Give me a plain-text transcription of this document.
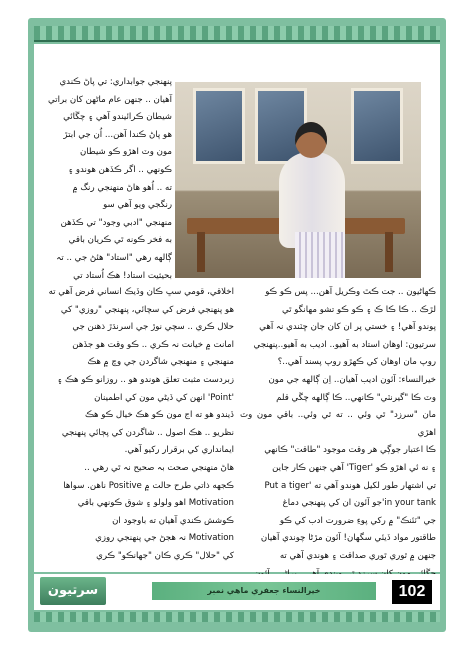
پنهنجي جوابداري: تي پاڻ ڪندي

آهيان .. جنهن عام ماڻهن کان براتي

شيطان ڪرائيندو آهي ۽ چڱائي

هو پاڻ ڪندا آهن... اُن جي ابتڙ

مون وٽ اهڙو ڪو شيطان

ڪونهي .. اگر ڪڏهن هوندو ۽

ته .. اُهو هاڻ منهنجي رنگ ۾

رنگجي ويو آهي سو

منهنجي "ادبي وجود" تي ڪڏهن

به فخر ڪونه ٿي ڪريان باقي

ڳالهه رهي "استاد" هئڻ جي .. تہ

بحيثيت استاد! هڪ اُستاد تي

ڪهاڻيون .. جت ڪٿ وڪريل آهن... پس ڪو ڪو

لڙڪ .. ڪا ڪا ڪ ۽ ڪو ڪو تشو مهانگو ٿي

پوندو آهي! ۽ خستي پر ان کان جان ڇٽندي نہ آهي

سرتيون: اوهان استاد به آهيو.. اديب به آهيو..پنهنجي

روپ مان اوهان کي ڪهڙو روپ پسند آهي..؟

خيرالنساء: آئون اديب آهيان.. اِن ڳالهه جي مون

وٽ ڪا "گيرنٽي" ڪانهي.. ڪا ڳالهه چڱي قلم

مان "سرزد" ٿي وئي .. ته ٿي وئي.. باقي مون وٽ اهڙي

ڪا اعتبار جوڳي هر وقت موجود "طاقت" ڪانهي

۽ نه ئي اهڙو ڪو 'Tiger' آهي جنهن ڪار جاين

تي اشتهار طور لکيل هوندو آهي ته 'Put a tiger

in your tank'جو آئون ان کي پنهنجي دماغ

جي "ٽئنڪ" ۾ رکي پوءِ ضرورت ادب کي ڪو

طاقتور مواد ڏيئي سگهان! آئون مڙڻا چوندي آهيان

جنهن ۾ ٿوري ٿوري صداقت ۽ هوندي آهي ته

اخلاقي، قومي سڀ ڪان وڏيڪ انساني فرض آهي ته

هو پنهنجي فرض کي سچائي، پنهنجي "روزي" کي

حلال ڪري .. سچي نوڙ جي اسرنڌڙ ذهنن جي

امانت ۾ خيانت نہ ڪري .. ڪو وقت هو جڏهن

منهنجي ۽ منهنجي شاگردن جي وچ ۾ هڪ

زبردست مثبت تعلق هوندو هو .. روزانو ڪو هڪ ۽

'Point' انهن کي ڏيڻي مون کي اطمينان

ڏيندو هو ته اج مون ڪو هڪ خيال ڪو هڪ

نظريو .. هڪ اصول .. شاگردن کي پڄائي پنهنجي

ايمانداري کي برقرار رکيو آهي.

هاڻ منهنجي صحت بہ صحيح نہ ٿي رهي ..

ڪجهه ذاتي طرح حالت ۾ Positive ناهن. سواها

Motivation اهو ولولو ۽ شوق ڪونهي باقي

ڪوشش ڪندي آهيان ته باوجود ان

Motivation نہ هجڻ جي پنهنجي روزي

کي "حلال" ڪري ڪان "جهانڪو" ڪري

سرتيون	خيرالنساء جعفري ماهي نمبر	102
